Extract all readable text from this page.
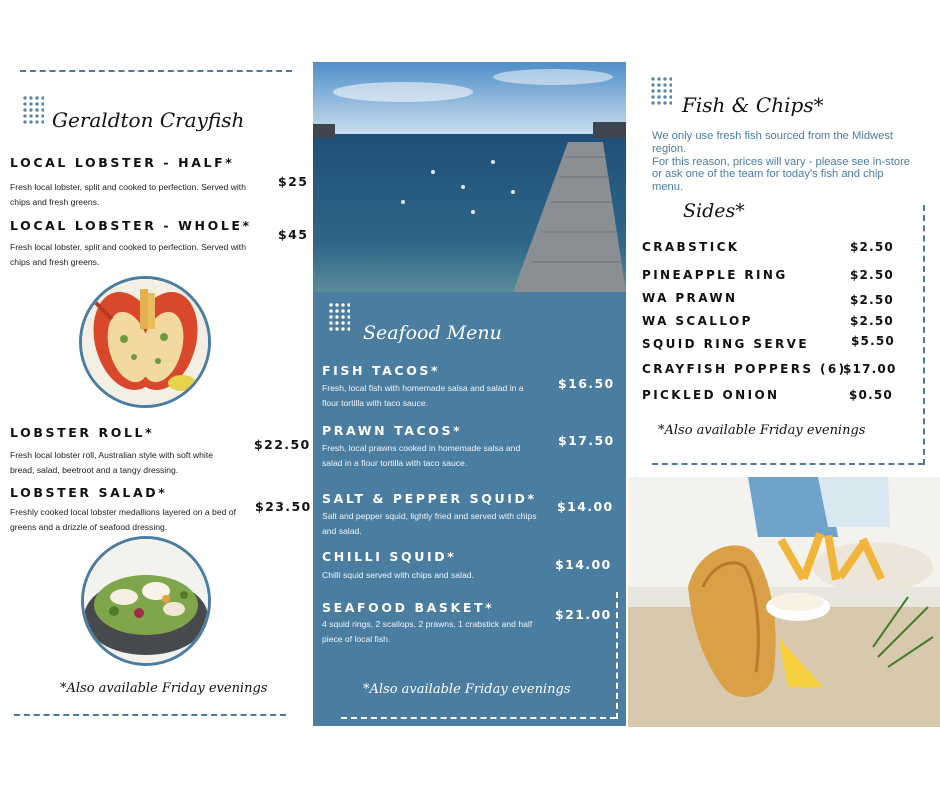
Geraldton Crayfish
LOCAL LOBSTER - HALF*
Fresh local lobster, split and cooked to perfection. Served with chips and fresh greens.
$25
LOCAL LOBSTER - WHOLE*
Fresh local lobster, split and cooked to perfection. Served with chips and fresh greens.
$45
LOBSTER ROLL*
Fresh local lobster roll, Australian style with soft white bread, salad, beetroot and a tangy dressing.
$22.50
LOBSTER SALAD*
Freshly cooked local lobster medallions layered on a bed of greens and a drizzle of seafood dressing.
$23.50
*Also available Friday evenings
Seafood Menu
FISH TACOS*
Fresh, local fish with homemade salsa and salad in a flour tortilla with taco sauce.
$16.50
PRAWN TACOS*
Fresh, local prawns cooked in homemade salsa and salad in a flour tortilla with taco sauce.
$17.50
SALT & PEPPER SQUID*
Salt and pepper squid, lightly fried and served with chips and salad.
$14.00
CHILLI SQUID*
Chilli squid served with chips and salad.
$14.00
SEAFOOD BASKET*
4 squid rings, 2 scallops, 2 prawns, 1 crabstick and half piece of local fish.
$21.00
*Also available Friday evenings
Fish & Chips*
We only use fresh fish sourced from the Midwest region.
For this reason, prices will vary - please see in-store or ask one of the team for today's fish and chip menu.
Sides*
CRABSTICK	$2.50
PINEAPPLE RING	$2.50
WA PRAWN	$2.50
WA SCALLOP	$2.50
SQUID RING SERVE	$5.50
CRAYFISH POPPERS (6)
$17.00
PICKLED ONION	$0.50
*Also available Friday evenings
